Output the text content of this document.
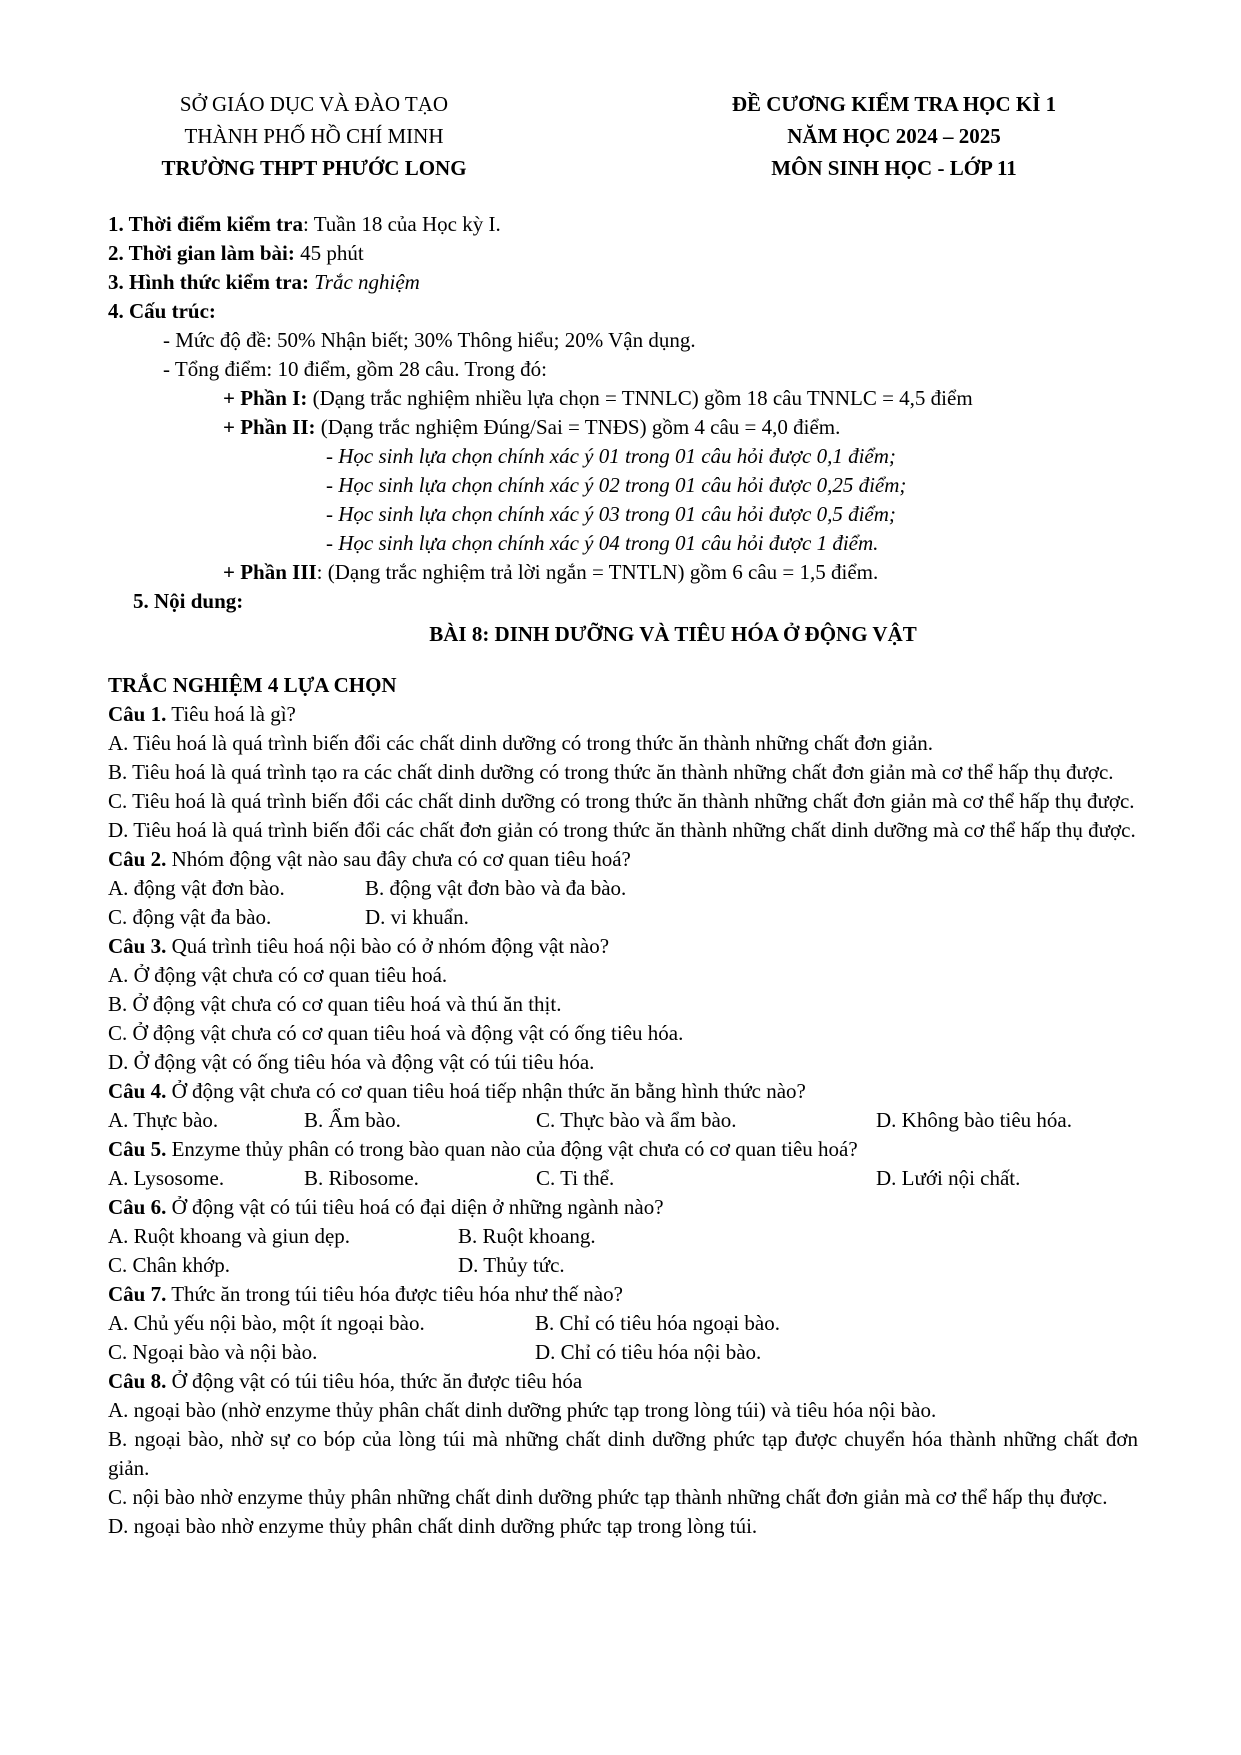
SỞ GIÁO DỤC VÀ ĐÀO TẠO
THÀNH PHỐ HỒ CHÍ MINH
TRƯỜNG THPT PHƯỚC LONG
ĐỀ CƯƠNG KIỂM TRA HỌC KÌ 1
NĂM HỌC 2024 – 2025
MÔN SINH HỌC - LỚP 11
1. Thời điểm kiểm tra: Tuần 18 của Học kỳ I.
2. Thời gian làm bài: 45 phút
3. Hình thức kiểm tra: Trắc nghiệm
4. Cấu trúc:
- Mức độ đề: 50% Nhận biết; 30% Thông hiểu; 20% Vận dụng.
- Tổng điểm: 10 điểm, gồm 28 câu. Trong đó:
+ Phần I: (Dạng trắc nghiệm nhiều lựa chọn = TNNLC) gồm 18 câu TNNLC = 4,5 điểm
+ Phần II: (Dạng trắc nghiệm Đúng/Sai = TNĐS) gồm 4 câu = 4,0 điểm.
- Học sinh lựa chọn chính xác ý 01 trong 01 câu hỏi được 0,1 điểm;
- Học sinh lựa chọn chính xác ý 02 trong 01 câu hỏi được 0,25 điểm;
- Học sinh lựa chọn chính xác ý 03 trong 01 câu hỏi được 0,5 điểm;
- Học sinh lựa chọn chính xác ý 04 trong 01 câu hỏi được 1 điểm.
+ Phần III: (Dạng trắc nghiệm trả lời ngắn = TNTLN) gồm 6 câu = 1,5 điểm.
5. Nội dung:
BÀI 8: DINH DƯỠNG VÀ TIÊU HÓA Ở ĐỘNG VẬT
TRẮC NGHIỆM 4 LỰA CHỌN
Câu 1. Tiêu hoá là gì?
A. Tiêu hoá là quá trình biến đổi các chất dinh dưỡng có trong thức ăn thành những chất đơn giản.
B. Tiêu hoá là quá trình tạo ra các chất dinh dưỡng có trong thức ăn thành những chất đơn giản mà cơ thể hấp thụ được.
C. Tiêu hoá là quá trình biến đổi các chất dinh dưỡng có trong thức ăn thành những chất đơn giản mà cơ thể hấp thụ được.
D. Tiêu hoá là quá trình biến đổi các chất đơn giản có trong thức ăn thành những chất dinh dưỡng mà cơ thể hấp thụ được.
Câu 2. Nhóm động vật nào sau đây chưa có cơ quan tiêu hoá?
A. động vật đơn bào.	B. động vật đơn bào và đa bào.
C. động vật đa bào.	D. vi khuẩn.
Câu 3. Quá trình tiêu hoá nội bào có ở nhóm động vật nào?
A. Ở động vật chưa có cơ quan tiêu hoá.
B. Ở động vật chưa có cơ quan tiêu hoá và thú ăn thịt.
C. Ở động vật chưa có cơ quan tiêu hoá và động vật có ống tiêu hóa.
D. Ở động vật có ống tiêu hóa và động vật có túi tiêu hóa.
Câu 4. Ở động vật chưa có cơ quan tiêu hoá tiếp nhận thức ăn bằng hình thức nào?
A. Thực bào.	B. Ẩm bào.	C. Thực bào và ẩm bào.	D. Không bào tiêu hóa.
Câu 5. Enzyme thủy phân có trong bào quan nào của động vật chưa có cơ quan tiêu hoá?
A. Lysosome.	B. Ribosome.	C. Ti thể.	D. Lưới nội chất.
Câu 6. Ở động vật có túi tiêu hoá có đại diện ở những ngành nào?
A. Ruột khoang và giun dẹp.	B. Ruột khoang.
C. Chân khớp.	D. Thủy tức.
Câu 7. Thức ăn trong túi tiêu hóa được tiêu hóa như thế nào?
A. Chủ yếu nội bào, một ít ngoại bào.	B. Chỉ có tiêu hóa ngoại bào.
C. Ngoại bào và nội bào.	D. Chỉ có tiêu hóa nội bào.
Câu 8. Ở động vật có túi tiêu hóa, thức ăn được tiêu hóa
A. ngoại bào (nhờ enzyme thủy phân chất dinh dưỡng phức tạp trong lòng túi) và tiêu hóa nội bào.
B. ngoại bào, nhờ sự co bóp của lòng túi mà những chất dinh dưỡng phức tạp được chuyển hóa thành những chất đơn giản.
C. nội bào nhờ enzyme thủy phân những chất dinh dưỡng phức tạp thành những chất đơn giản mà cơ thể hấp thụ được.
D. ngoại bào nhờ enzyme thủy phân chất dinh dưỡng phức tạp trong lòng túi.
